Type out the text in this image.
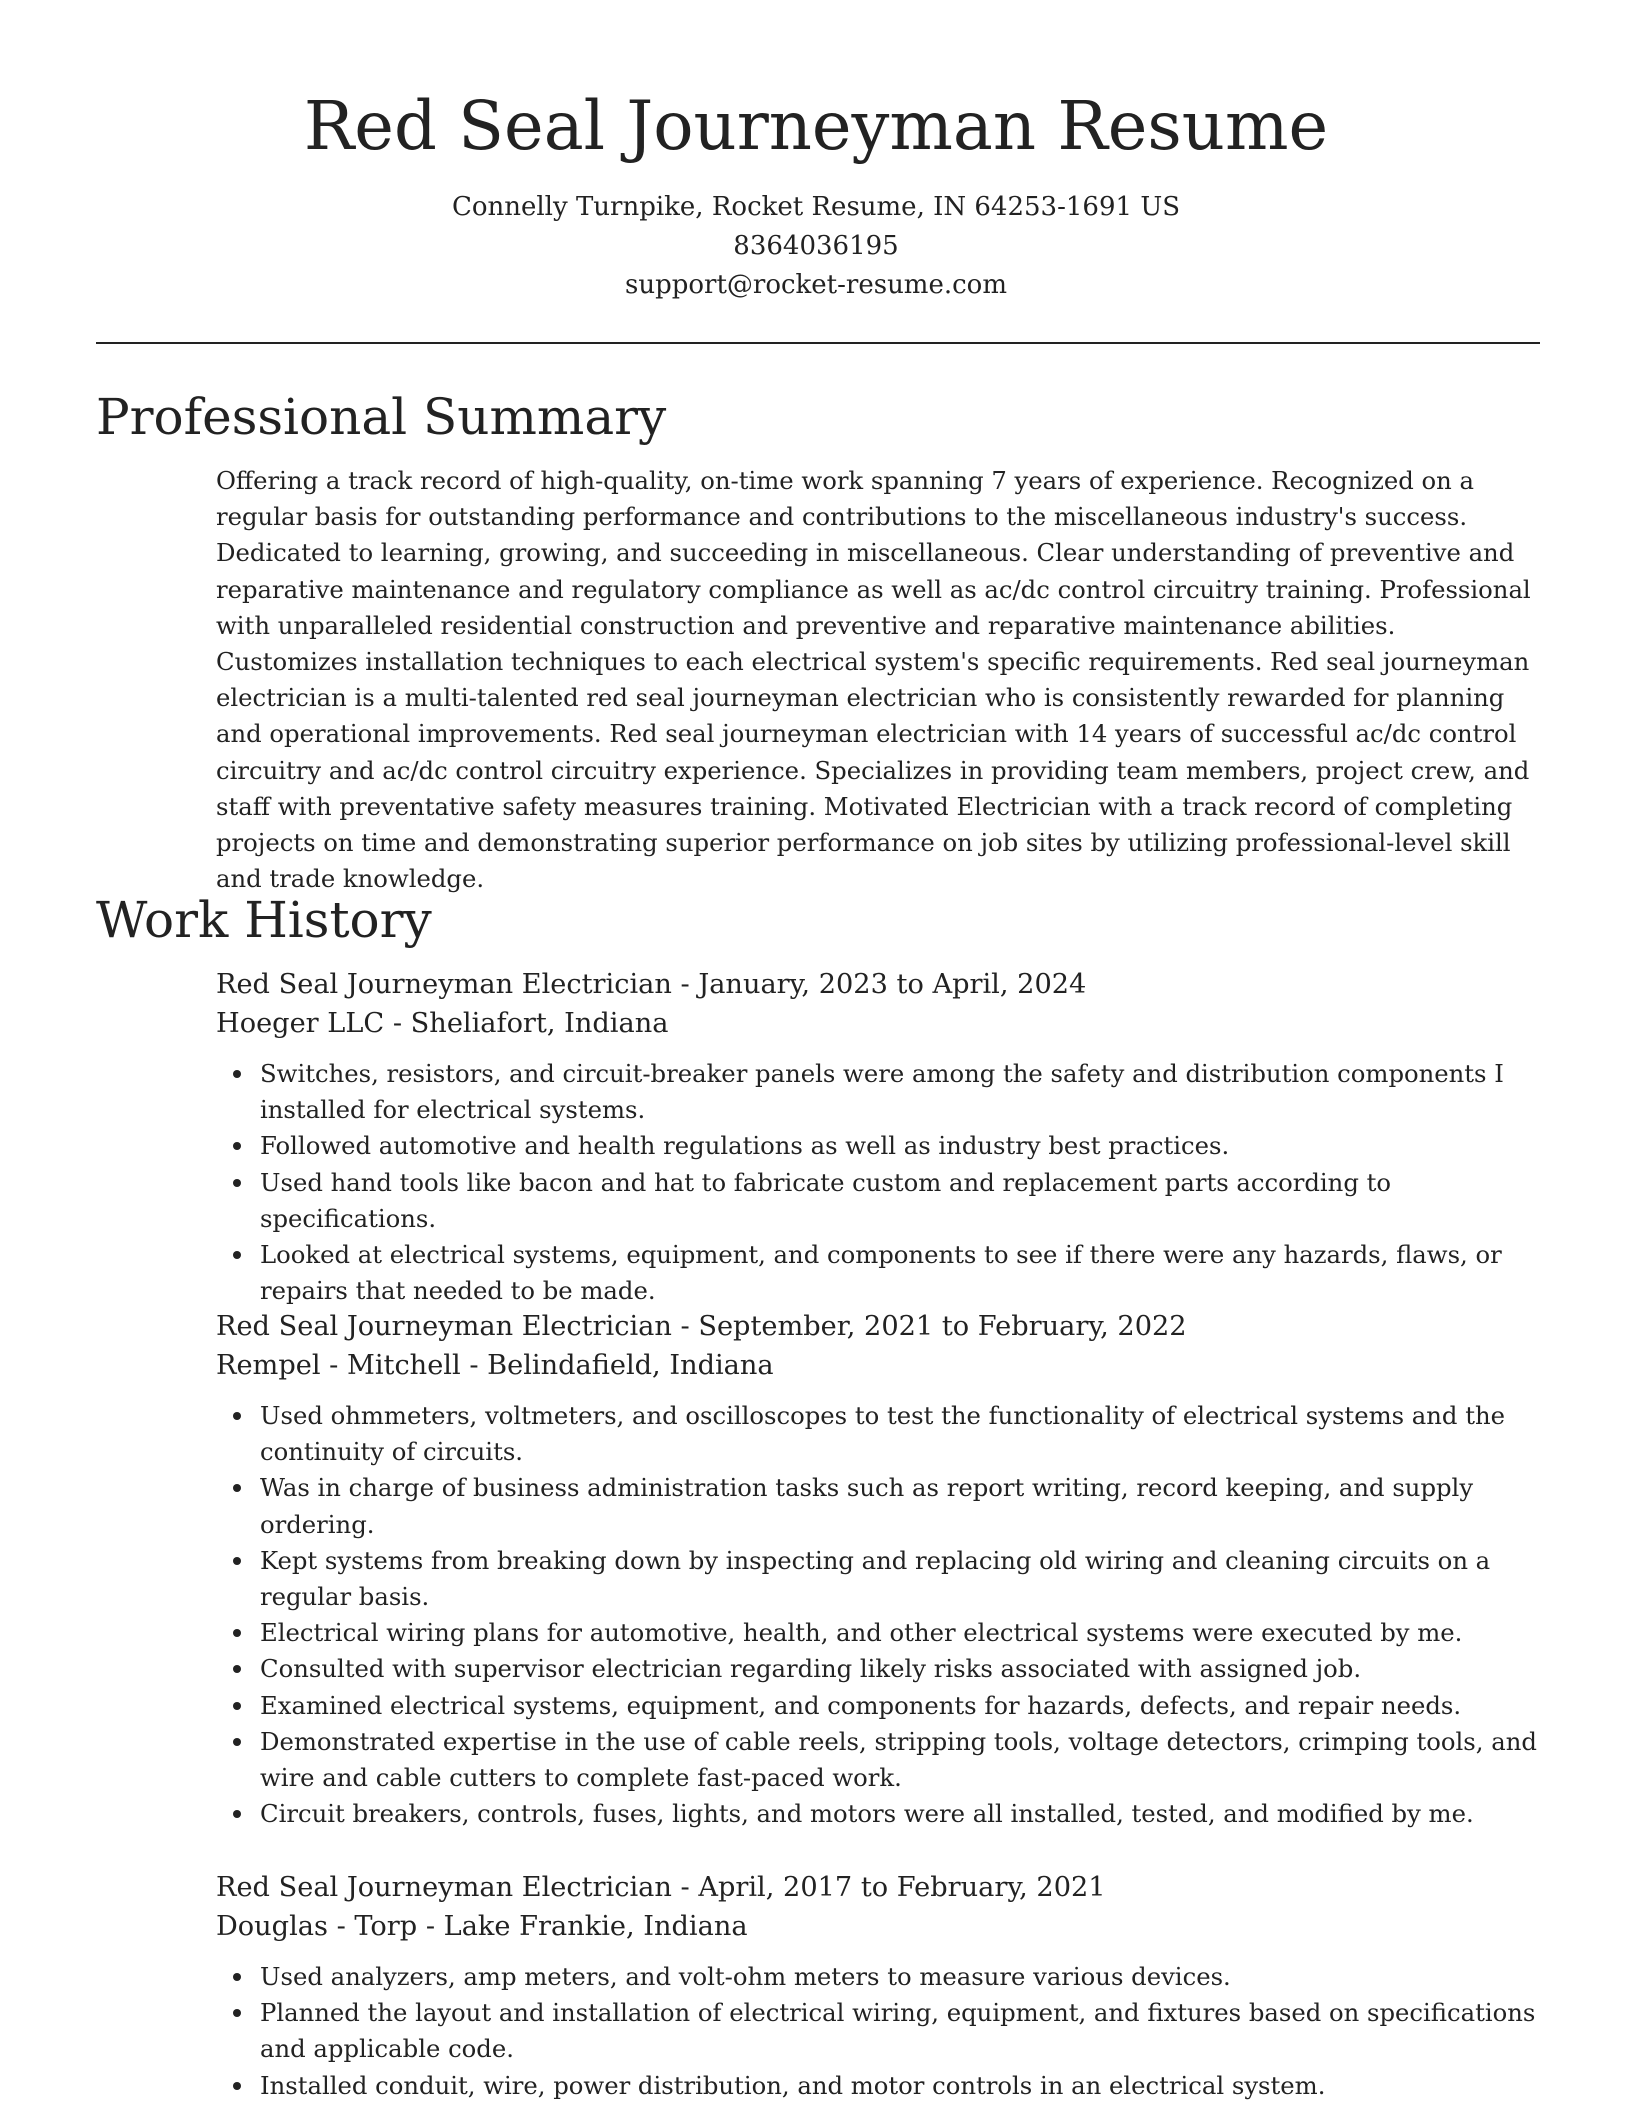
Red Seal Journeyman Resume

Connelly Turnpike, Rocket Resume, IN 64253-1691 US

8364036195

support@rocket-resume.com

Professional Summary

Offering a track record of high-quality, on-time work spanning 7 years of experience. Recognized on a regular basis for outstanding performance and contributions to the miscellaneous industry's success. Dedicated to learning, growing, and succeeding in miscellaneous. Clear understanding of preventive and reparative maintenance and regulatory compliance as well as ac/dc control circuitry training. Professional with unparalleled residential construction and preventive and reparative maintenance abilities. Customizes installation techniques to each electrical system's specific requirements. Red seal journeyman electrician is a multi-talented red seal journeyman electrician who is consistently rewarded for planning and operational improvements. Red seal journeyman electrician with 14 years of successful ac/dc control circuitry and ac/dc control circuitry experience. Specializes in providing team members, project crew, and staff with preventative safety measures training. Motivated Electrician with a track record of completing projects on time and demonstrating superior performance on job sites by utilizing professional-level skill and trade knowledge.

Work History

Red Seal Journeyman Electrician - January, 2023 to April, 2024

Hoeger LLC - Sheliafort, Indiana

Switches, resistors, and circuit-breaker panels were among the safety and distribution components I installed for electrical systems.
Followed automotive and health regulations as well as industry best practices.
Used hand tools like bacon and hat to fabricate custom and replacement parts according to specifications.
Looked at electrical systems, equipment, and components to see if there were any hazards, flaws, or repairs that needed to be made.

Red Seal Journeyman Electrician - September, 2021 to February, 2022

Rempel - Mitchell - Belindafield, Indiana

Used ohmmeters, voltmeters, and oscilloscopes to test the functionality of electrical systems and the continuity of circuits.
Was in charge of business administration tasks such as report writing, record keeping, and supply ordering.
Kept systems from breaking down by inspecting and replacing old wiring and cleaning circuits on a regular basis.
Electrical wiring plans for automotive, health, and other electrical systems were executed by me.
Consulted with supervisor electrician regarding likely risks associated with assigned job.
Examined electrical systems, equipment, and components for hazards, defects, and repair needs.
Demonstrated expertise in the use of cable reels, stripping tools, voltage detectors, crimping tools, and wire and cable cutters to complete fast-paced work.
Circuit breakers, controls, fuses, lights, and motors were all installed, tested, and modified by me.

Red Seal Journeyman Electrician - April, 2017 to February, 2021

Douglas - Torp - Lake Frankie, Indiana

Used analyzers, amp meters, and volt-ohm meters to measure various devices.
Planned the layout and installation of electrical wiring, equipment, and fixtures based on specifications and applicable code.
Installed conduit, wire, power distribution, and motor controls in an electrical system.
